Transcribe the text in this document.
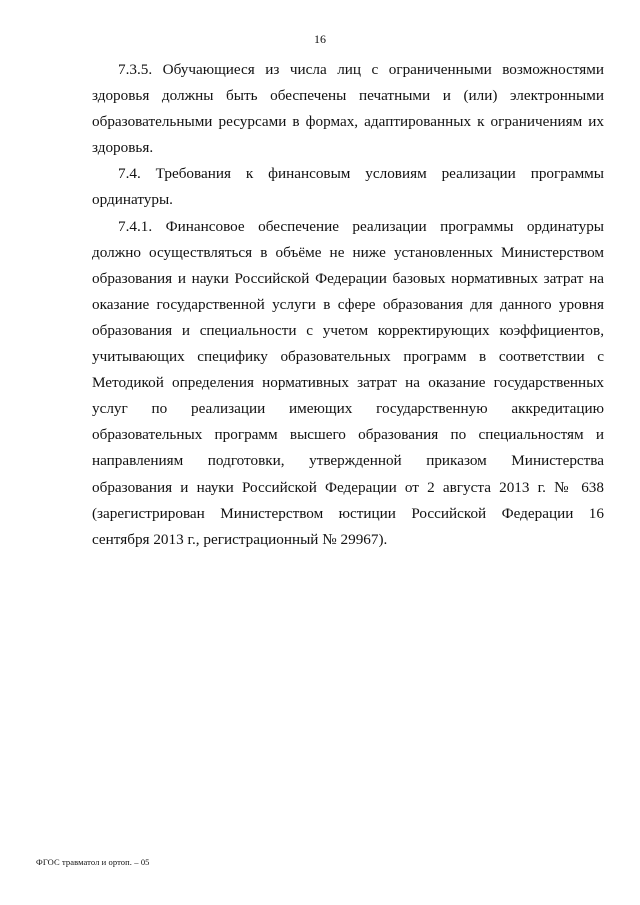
16

7.3.5. Обучающиеся из числа лиц с ограниченными возможностями здоровья должны быть обеспечены печатными и (или) электронными образовательными ресурсами в формах, адаптированных к ограничениям их здоровья.

7.4. Требования к финансовым условиям реализации программы ординатуры.

7.4.1. Финансовое обеспечение реализации программы ординатуры должно осуществляться в объёме не ниже установленных Министерством образования и науки Российской Федерации базовых нормативных затрат на оказание государственной услуги в сфере образования для данного уровня образования и специальности с учетом корректирующих коэффициентов, учитывающих специфику образовательных программ в соответствии с Методикой определения нормативных затрат на оказание государственных услуг по реализации имеющих государственную аккредитацию образовательных программ высшего образования по специальностям и направлениям подготовки, утвержденной приказом Министерства образования и науки Российской Федерации от 2 августа 2013 г. № 638 (зарегистрирован Министерством юстиции Российской Федерации 16 сентября 2013 г., регистрационный № 29967).

ФГОС травматол и ортоп. – 05
